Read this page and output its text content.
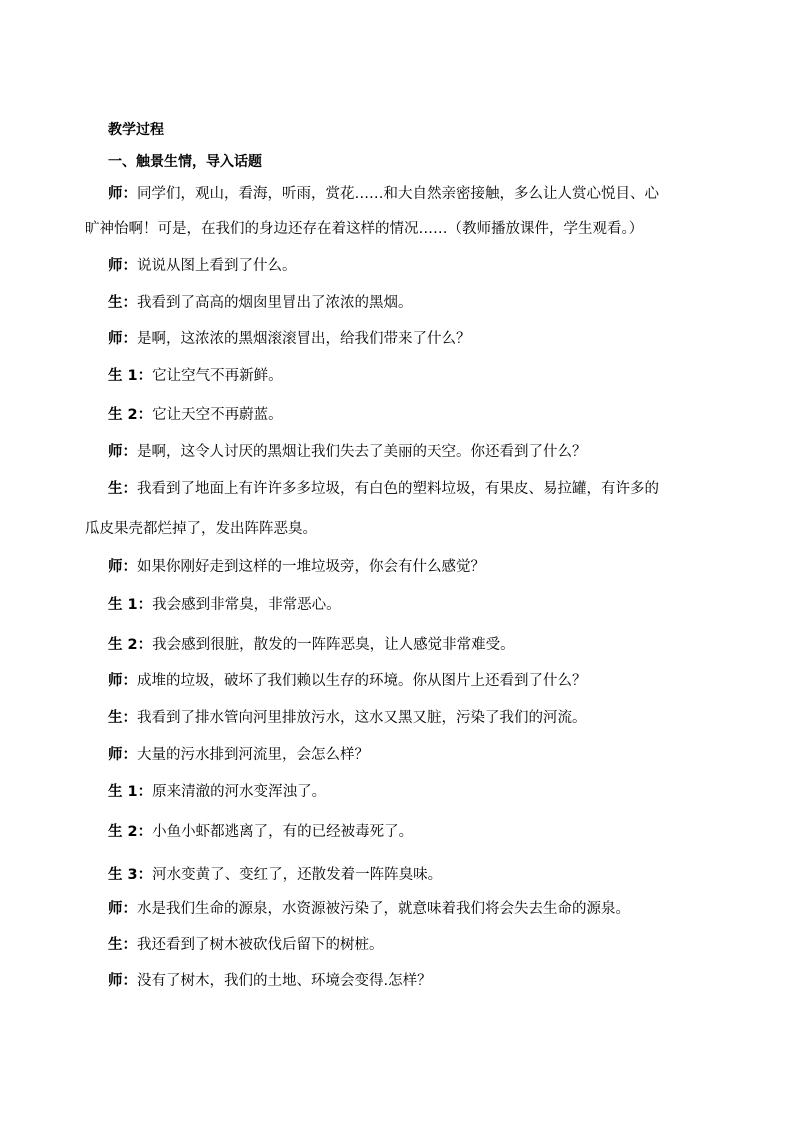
教学过程
一、触景生情，导入话题
师：同学们，观山，看海，听雨，赏花……和大自然亲密接触，多么让人赏心悦目、心
旷神怡啊！可是，在我们的身边还存在着这样的情况……（教师播放课件，学生观看。）
师：说说从图上看到了什么。
生：我看到了高高的烟囱里冒出了浓浓的黑烟。
师：是啊，这浓浓的黑烟滚滚冒出，给我们带来了什么？
生 1：它让空气不再新鲜。
生 2：它让天空不再蔚蓝。
师：是啊，这令人讨厌的黑烟让我们失去了美丽的天空。你还看到了什么？
生：我看到了地面上有许许多多垃圾，有白色的塑料垃圾，有果皮、易拉罐，有许多的
瓜皮果壳都烂掉了，发出阵阵恶臭。
师：如果你刚好走到这样的一堆垃圾旁，你会有什么感觉？
生 1：我会感到非常臭，非常恶心。
生 2：我会感到很脏，散发的一阵阵恶臭，让人感觉非常难受。
师：成堆的垃圾，破坏了我们赖以生存的环境。你从图片上还看到了什么？
生：我看到了排水管向河里排放污水，这水又黑又脏，污染了我们的河流。
师：大量的污水排到河流里，会怎么样？
生 1：原来清澈的河水变浑浊了。
生 2：小鱼小虾都逃离了，有的已经被毒死了。
生 3：河水变黄了、变红了，还散发着一阵阵臭味。
师：水是我们生命的源泉，水资源被污染了，就意味着我们将会失去生命的源泉。
生：我还看到了树木被砍伐后留下的树桩。
师：没有了树木，我们的土地、环境会变得.怎样？
